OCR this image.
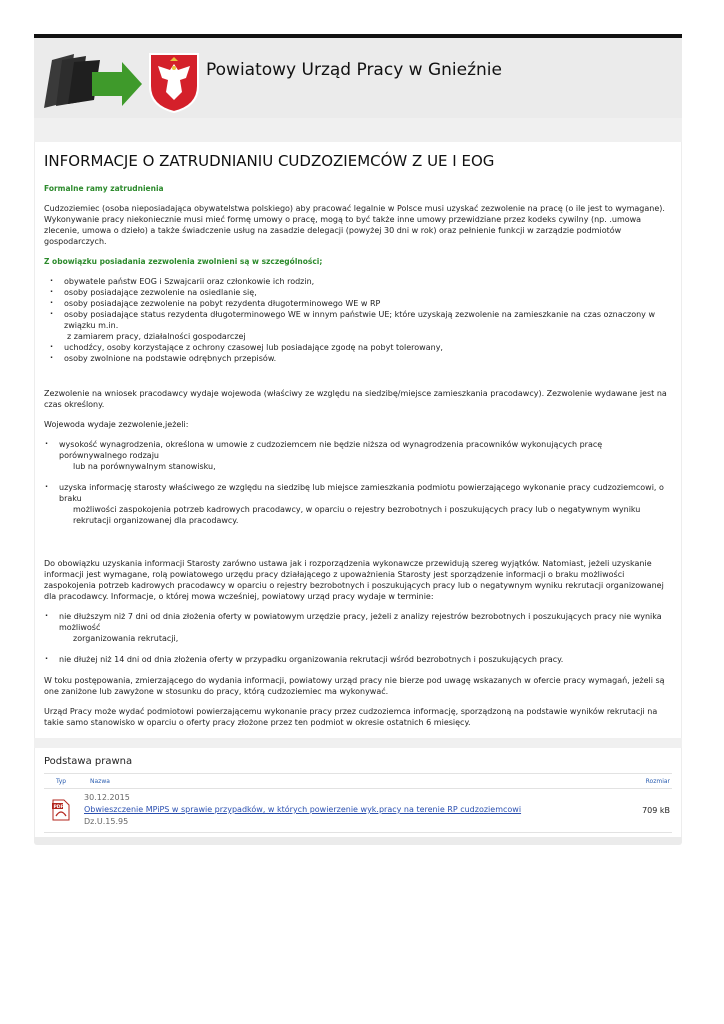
Powiatowy Urząd Pracy w Gnieźnie
INFORMACJE O ZATRUDNIANIU CUDZOZIEMCÓW Z UE I EOG
Formalne ramy zatrudnienia

Cudzoziemiec (osoba nieposiadająca obywatelstwa polskiego) aby pracować legalnie w Polsce musi uzyskać zezwolenie na pracę (o ile jest to wymagane). Wykonywanie pracy niekoniecznie musi mieć formę umowy o pracę, mogą to być także inne umowy przewidziane przez kodeks cywilny (np. .umowa zlecenie, umowa o dzieło) a także świadczenie usług na zasadzie delegacji (powyżej 30 dni w rok) oraz pełnienie funkcji w zarządzie podmiotów gospodarczych.

Z obowiązku posiadania zezwolenia zwolnieni są w szczególności;
· obywatele państw EOG i Szwajcarii oraz członkowie ich rodzin,
· osoby posiadające zezwolenie na osiedlanie się,
· osoby posiadające zezwolenie na pobyt rezydenta długoterminowego WE w RP
· osoby posiadające status rezydenta długoterminowego WE w innym państwie UE; które uzyskają zezwolenie na zamieszkanie na czas oznaczony w związku m.in.
z zamiarem pracy, działalności gospodarczej
· uchodźcy, osoby korzystające z ochrony czasowej lub posiadające zgodę na pobyt tolerowany,
· osoby zwolnione na podstawie odrębnych przepisów.

Zezwolenie na wniosek pracodawcy wydaje wojewoda (właściwy ze względu na siedzibę/miejsce zamieszkania pracodawcy). Zezwolenie wydawane jest na czas określony.

Wojewoda wydaje zezwolenie,jeżeli:

· wysokość wynagrodzenia, określona w umowie z cudzoziemcem nie będzie niższa od wynagrodzenia pracowników wykonujących pracę porównywalnego rodzaju
lub na porównywalnym stanowisku,
· uzyska informację starosty właściwego ze względu na siedzibę lub miejsce zamieszkania podmiotu powierzającego wykonanie pracy cudzoziemcowi, o braku
możliwości zaspokojenia potrzeb kadrowych pracodawcy, w oparciu o rejestry bezrobotnych i poszukujących pracy lub o negatywnym wyniku rekrutacji organizowanej dla pracodawcy.

Do obowiązku uzyskania informacji Starosty zarówno ustawa jak i rozporządzenia wykonawcze przewidują szereg wyjątków. Natomiast, jeżeli uzyskanie informacji jest wymagane, rolą powiatowego urzędu pracy działającego z upoważnienia Starosty jest sporządzenie informacji o braku możliwości zaspokojenia potrzeb kadrowych pracodawcy w oparciu o rejestry bezrobotnych i poszukujących pracy lub o negatywnym wyniku rekrutacji organizowanej dla pracodawcy. Informacje, o której mowa wcześniej, powiatowy urząd pracy wydaje w terminie:

· nie dłuższym niż 7 dni od dnia złożenia oferty w powiatowym urzędzie pracy, jeżeli z analizy rejestrów bezrobotnych i poszukujących pracy nie wynika możliwość
zorganizowania rekrutacji,
· nie dłużej niż 14 dni od dnia złożenia oferty w przypadku organizowania rekrutacji wśród bezrobotnych i poszukujących pracy.

W toku postępowania, zmierzającego do wydania informacji, powiatowy urząd pracy nie bierze pod uwagę wskazanych w ofercie pracy wymagań, jeżeli są one zaniżone lub zawyżone w stosunku do pracy, którą cudzoziemiec ma wykonywać.

Urząd Pracy może wydać podmiotowi powierzającemu wykonanie pracy przez cudzoziemca informację, sporządzoną na podstawie wyników rekrutacji na takie samo stanowisko w oparciu o oferty pracy złożone przez ten podmiot w okresie ostatnich 6 miesięcy.

Podstawa prawna
Typ	Nazwa	Rozmiar
PDF
30.12.2015
Obwieszczenie MPiPS w sprawie przypadków, w których powierzenie wyk.pracy na terenie RP cudzoziemcowi
Dz.U.15.95
709 kB
